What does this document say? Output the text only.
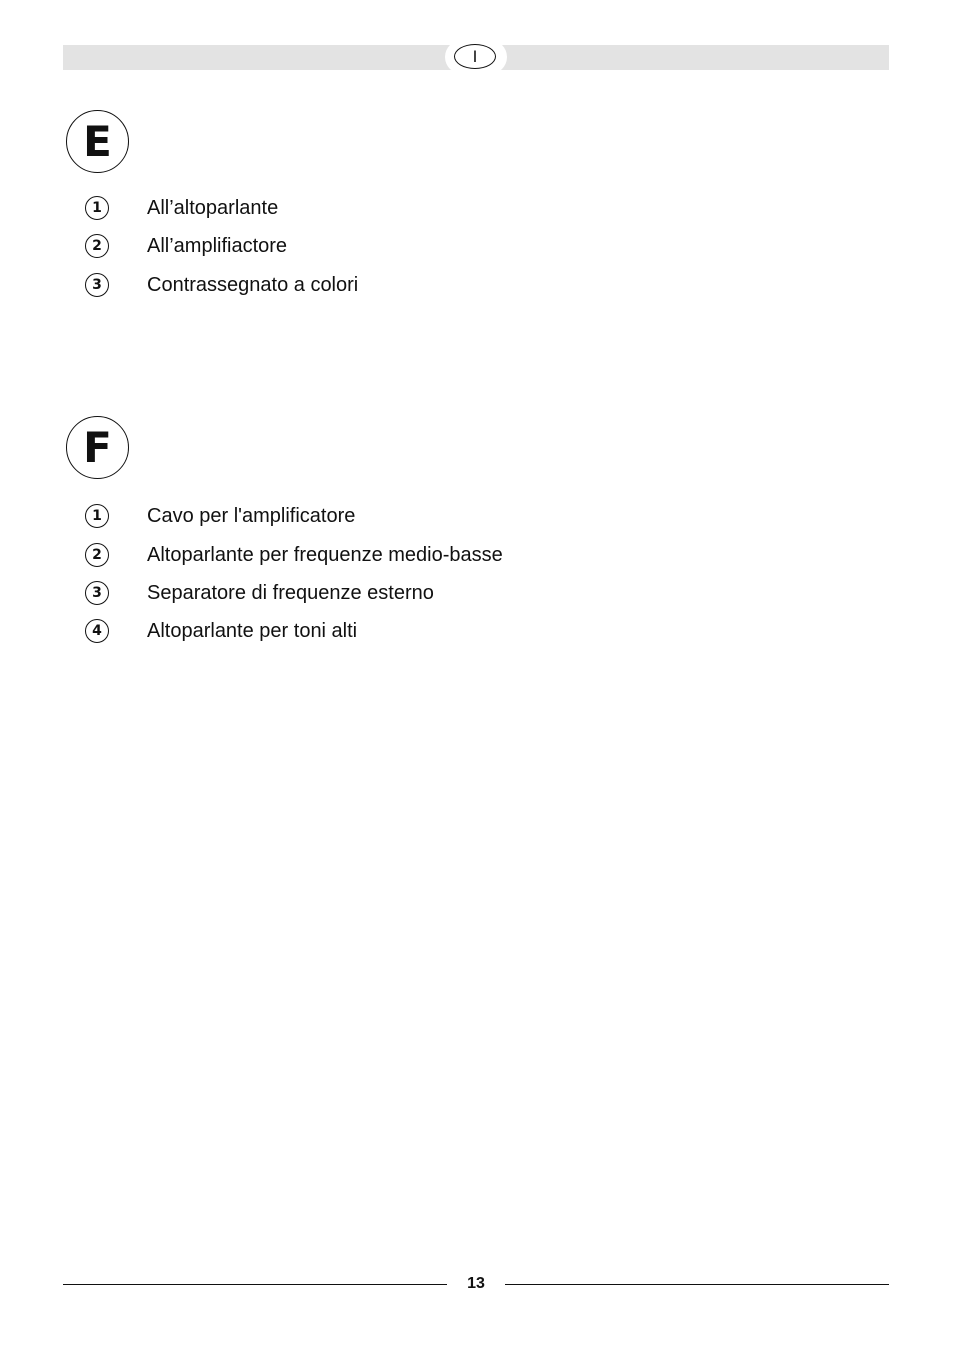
I
E
1 All’altoparlante
2 All’amplifiactore
3 Contrassegnato a colori
F
1 Cavo per l'amplificatore
2 Altoparlante per frequenze medio-basse
3 Separatore di frequenze esterno
4 Altoparlante per toni alti
13
